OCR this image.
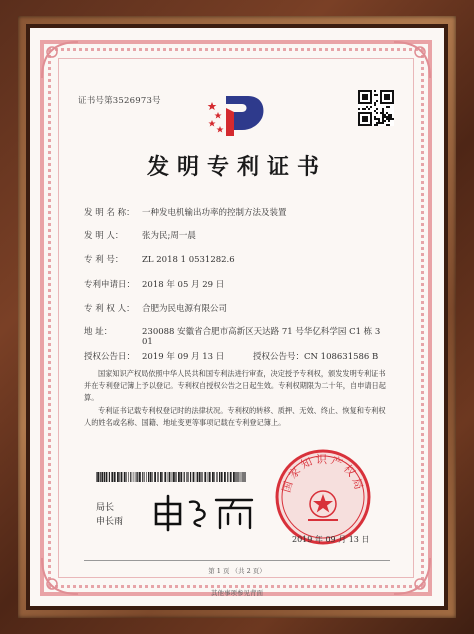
证书号第3526973号
发明专利证书
发 明 名 称： 一种发电机输出功率的控制方法及装置
发 明 人： 张为民;周一晨
专 利 号： ZL 2018 1 0531282.6
专利申请日： 2018 年 05 月 29 日
专 利 权 人： 合肥为民电源有限公司
地 址：	230088 安徽省合肥市高新区天达路 71 号华亿科学园 C1 栋 3
01
授权公告日： 2019 年 09 月 13 日	授权公告号：CN 108631586 B
国家知识产权局依照中华人民共和国专利法进行审查，决定授予专利权，颁发发明专利证书并在专利登记簿上予以登记。专利权自授权公告之日起生效。专利权期限为二十年，自申请日起算。
专利证书记载专利权登记时的法律状况。专利权的转移、质押、无效、终止、恢复和专利权人的姓名或名称、国籍、地址变更等事项记载在专利登记簿上。
局长
申长雨
国家知识产权局
2019 年 09 月 13 日
第 1 页 （共 2 页）
其他事项参见背面
